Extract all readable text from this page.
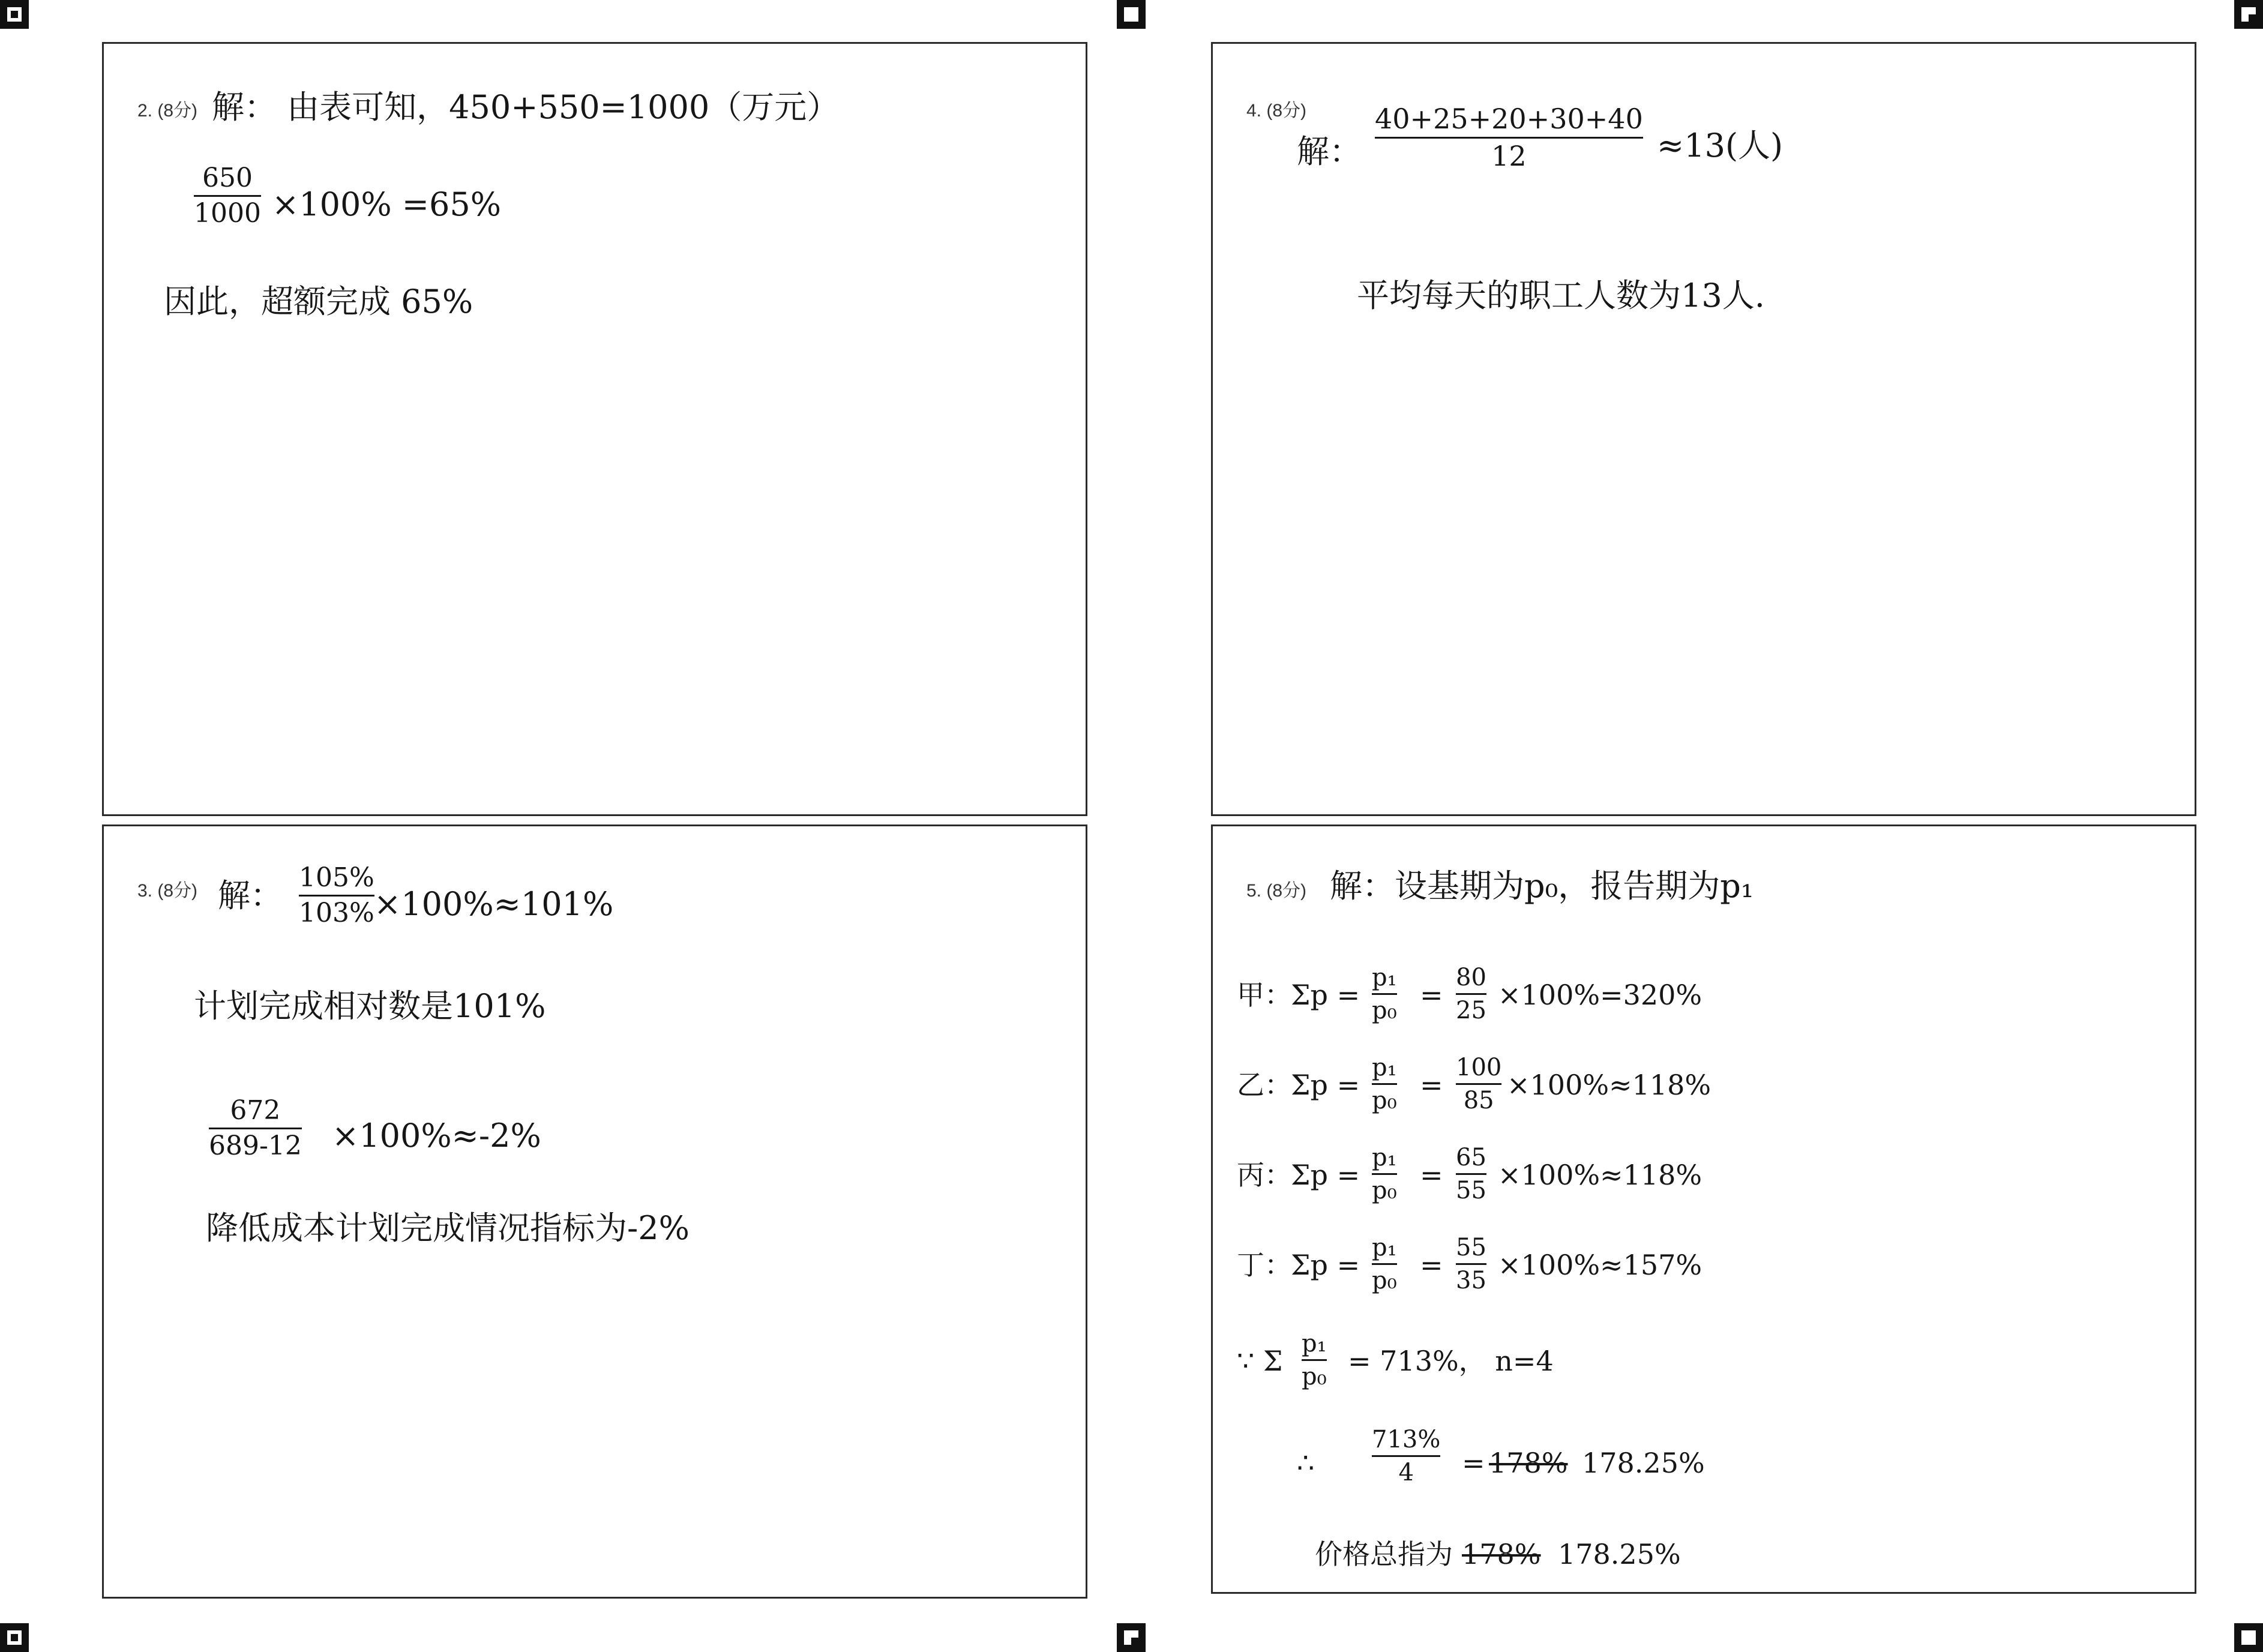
2. (8分) 解： 由表可知，450+550=1000（万元）
650
1000 ×100% =65%
因此，超额完成 65%
4. (8分)
解：
40+25+20+30+40
12	≈13(人)
平均每天的职工人数为13人.
3. (8分) 解： 105%
103% ×100%≈101%
计划完成相对数是101%
672
689-12 ×100%≈-2%
降低成本计划完成情况指标为-2%
5. (8分) 解：设基期为p₀，报告期为p₁
甲：
Σp =
p₁
p₀ =
80
25 ×100%=320%
乙：
Σp =
p₁
p₀ =
100
85 ×100%≈118%
丙：
Σp =
p₁
p₀ =
65
55 ×100%≈118%
丁：
Σp =
p₁
p₀ =
55
35 ×100%≈157%
∵ Σ
p₁
p₀ = 713%， n=4
∴
713%
4 = 178% 178.25%
价格总指为 178% 178.25%
